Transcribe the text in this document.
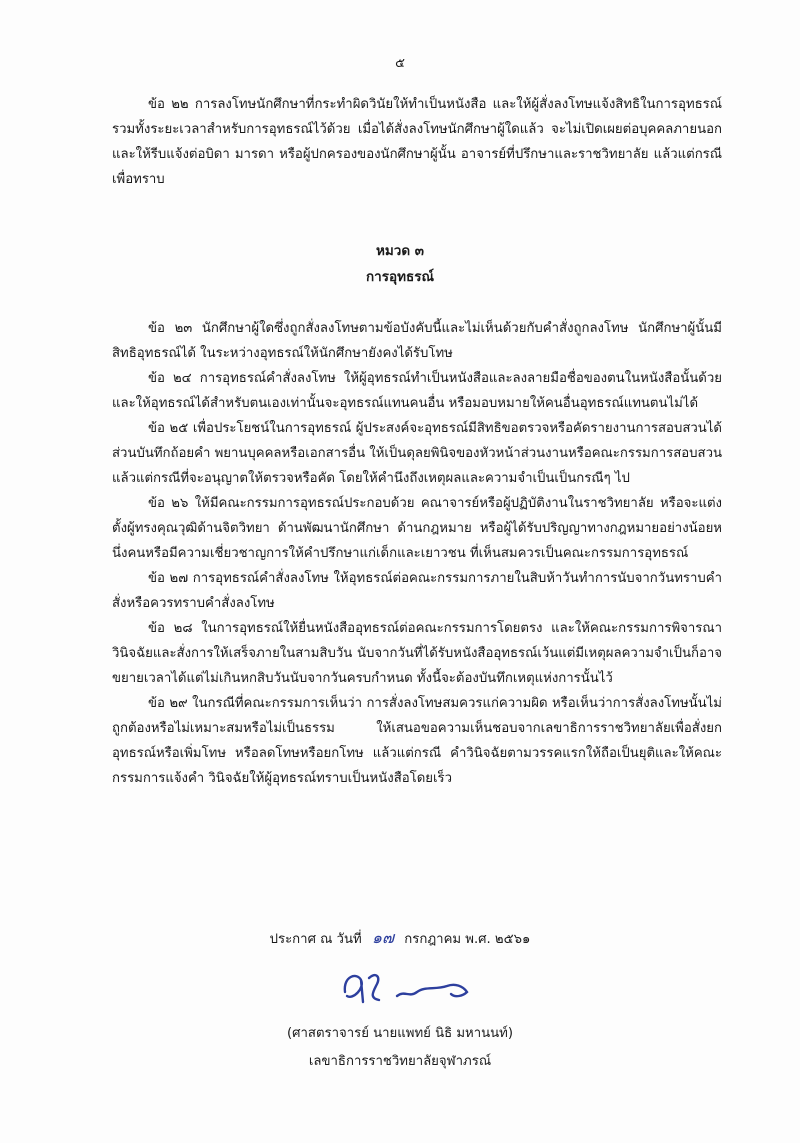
๕

ข้อ ๒๒ การลงโทษนักศึกษาที่กระทำผิดวินัยให้ทำเป็นหนังสือ และให้ผู้สั่งลงโทษแจ้งสิทธิในการอุทธรณ์รวมทั้งระยะเวลาสำหรับการอุทธรณ์ไว้ด้วย เมื่อได้สั่งลงโทษนักศึกษาผู้ใดแล้ว จะไม่เปิดเผยต่อบุคคลภายนอก และให้รีบแจ้งต่อบิดา มารดา หรือผู้ปกครองของนักศึกษาผู้นั้น อาจารย์ที่ปรึกษาและราชวิทยาลัย แล้วแต่กรณีเพื่อทราบ

หมวด ๓
การอุทธรณ์

ข้อ ๒๓ นักศึกษาผู้ใดซึ่งถูกสั่งลงโทษตามข้อบังคับนี้และไม่เห็นด้วยกับคำสั่งถูกลงโทษ นักศึกษาผู้นั้นมีสิทธิอุทธรณ์ได้ ในระหว่างอุทธรณ์ให้นักศึกษายังคงได้รับโทษ

ข้อ ๒๔ การอุทธรณ์คำสั่งลงโทษ ให้ผู้อุทธรณ์ทำเป็นหนังสือและลงลายมือชื่อของตนในหนังสือนั้นด้วยและให้อุทธรณ์ได้สำหรับตนเองเท่านั้นจะอุทธรณ์แทนคนอื่น หรือมอบหมายให้คนอื่นอุทธรณ์แทนตนไม่ได้

ข้อ ๒๕ เพื่อประโยชน์ในการอุทธรณ์ ผู้ประสงค์จะอุทธรณ์มีสิทธิขอตรวจหรือคัดรายงานการสอบสวนได้ส่วนบันทึกถ้อยคำ พยานบุคคลหรือเอกสารอื่น ให้เป็นดุลยพินิจของหัวหน้าส่วนงานหรือคณะกรรมการสอบสวนแล้วแต่กรณีที่จะอนุญาตให้ตรวจหรือคัด โดยให้คำนึงถึงเหตุผลและความจำเป็นเป็นกรณีๆ ไป

ข้อ ๒๖ ให้มีคณะกรรมการอุทธรณ์ประกอบด้วย คณาจารย์หรือผู้ปฏิบัติงานในราชวิทยาลัย หรือจะแต่งตั้งผู้ทรงคุณวุฒิด้านจิตวิทยา ด้านพัฒนานักศึกษา ด้านกฎหมาย หรือผู้ได้รับปริญญาทางกฎหมายอย่างน้อยหนึ่งคนหรือมีความเชี่ยวชาญการให้คำปรึกษาแก่เด็กและเยาวชน ที่เห็นสมควรเป็นคณะกรรมการอุทธรณ์

ข้อ ๒๗ การอุทธรณ์คำสั่งลงโทษ ให้อุทธรณ์ต่อคณะกรรมการภายในสิบห้าวันทำการนับจากวันทราบคำสั่งหรือควรทราบคำสั่งลงโทษ

ข้อ ๒๘ ในการอุทธรณ์ให้ยื่นหนังสืออุทธรณ์ต่อคณะกรรมการโดยตรง และให้คณะกรรมการพิจารณาวินิจฉัยและสั่งการให้เสร็จภายในสามสิบวัน นับจากวันที่ได้รับหนังสืออุทธรณ์เว้นแต่มีเหตุผลความจำเป็นก็อาจขยายเวลาได้แต่ไม่เกินหกสิบวันนับจากวันครบกำหนด ทั้งนี้จะต้องบันทึกเหตุแห่งการนั้นไว้

ข้อ ๒๙ ในกรณีที่คณะกรรมการเห็นว่า การสั่งลงโทษสมควรแก่ความผิด หรือเห็นว่าการสั่งลงโทษนั้นไม่ถูกต้องหรือไม่เหมาะสมหรือไม่เป็นธรรม ให้เสนอขอความเห็นชอบจากเลขาธิการราชวิทยาลัยเพื่อสั่งยกอุทธรณ์หรือเพิ่มโทษ หรือลดโทษหรือยกโทษ แล้วแต่กรณี คำวินิจฉัยตามวรรคแรกให้ถือเป็นยุติและให้คณะกรรมการแจ้งคำ วินิจฉัยให้ผู้อุทธรณ์ทราบเป็นหนังสือโดยเร็ว

ประกาศ ณ วันที่ ๑๗ กรกฎาคม พ.ศ. ๒๕๖๑
(ศาสตราจารย์ นายแพทย์ นิธิ มหานนท์)
เลขาธิการราชวิทยาลัยจุฬาภรณ์
